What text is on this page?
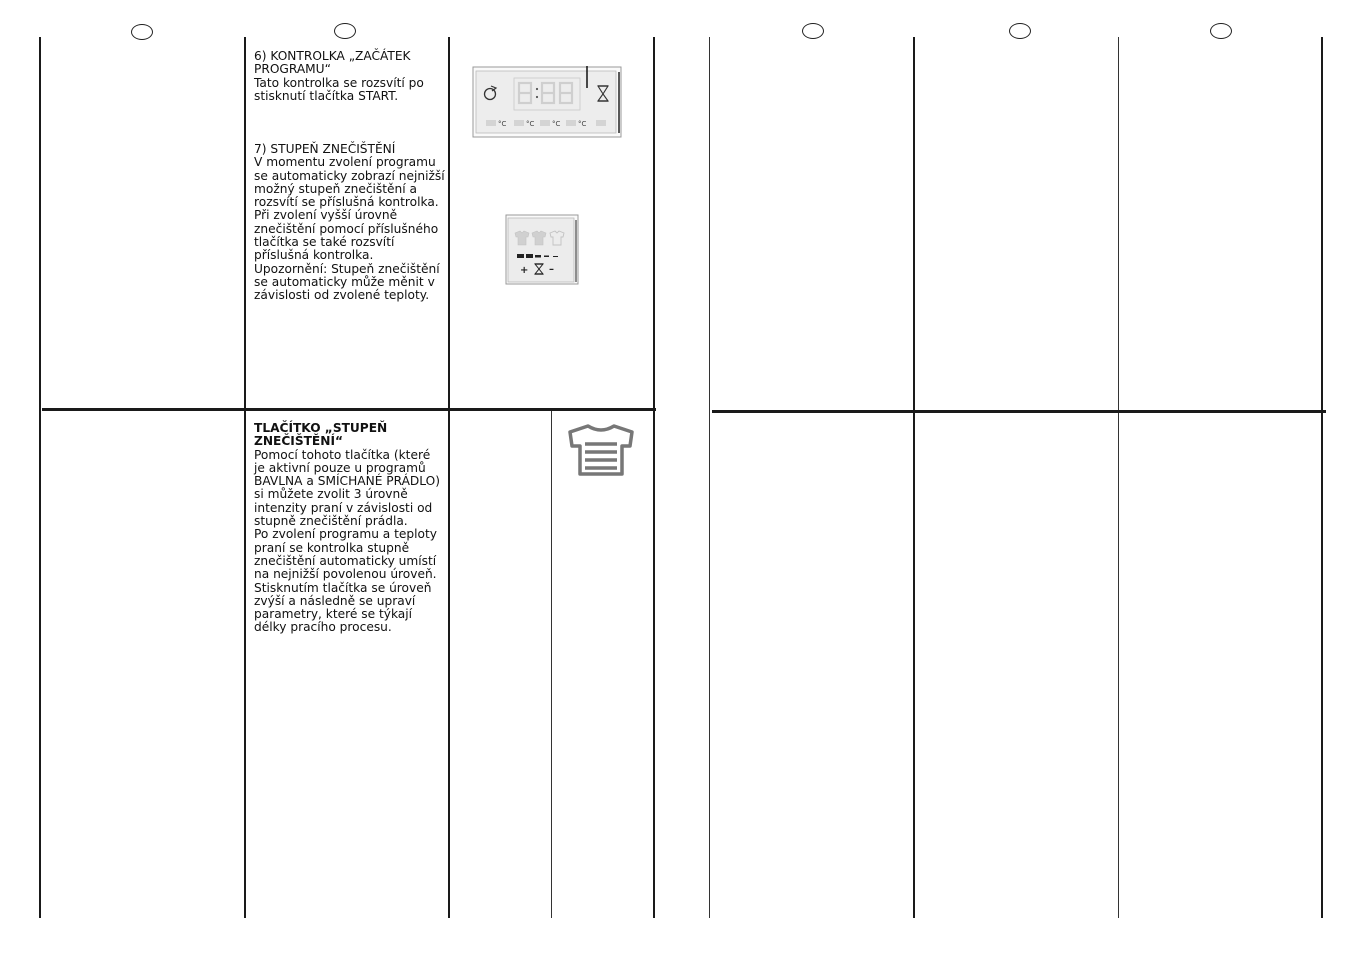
6) KONTROLKA „ZAČÁTEK PROGRAMU“

Tato kontrolka se rozsvítí po stisknutí tlačítka START.

7) STUPEŇ ZNEČIŠTĚNÍ

V momentu zvolení programu se automaticky zobrazí nejnižší možný stupeň znečištění a rozsvítí se příslušná kontrolka.
Při zvolení vyšší úrovně znečištění pomocí příslušného tlačítka se také rozsvítí příslušná kontrolka.
Upozornění: Stupeň znečištění se automaticky může měnit v závislosti od zvolené teploty.

TLAČÍTKO „STUPEŇ ZNEČIŠTĚNÍ“

Pomocí tohoto tlačítka (které je aktivní pouze u programů BAVLNA a SMÍCHANÉ PRÁDLO) si můžete zvolit 3 úrovně intenzity praní v závislosti od stupně znečištění prádla.
Po zvolení programu a teploty praní se kontrolka stupně znečištění automaticky umístí na nejnižší povolenou úroveň.
Stisknutím tlačítka se úroveň zvýší a následně se upraví parametry, které se týkají délky pracího procesu.

°C	°C	°C	°C
+ –
